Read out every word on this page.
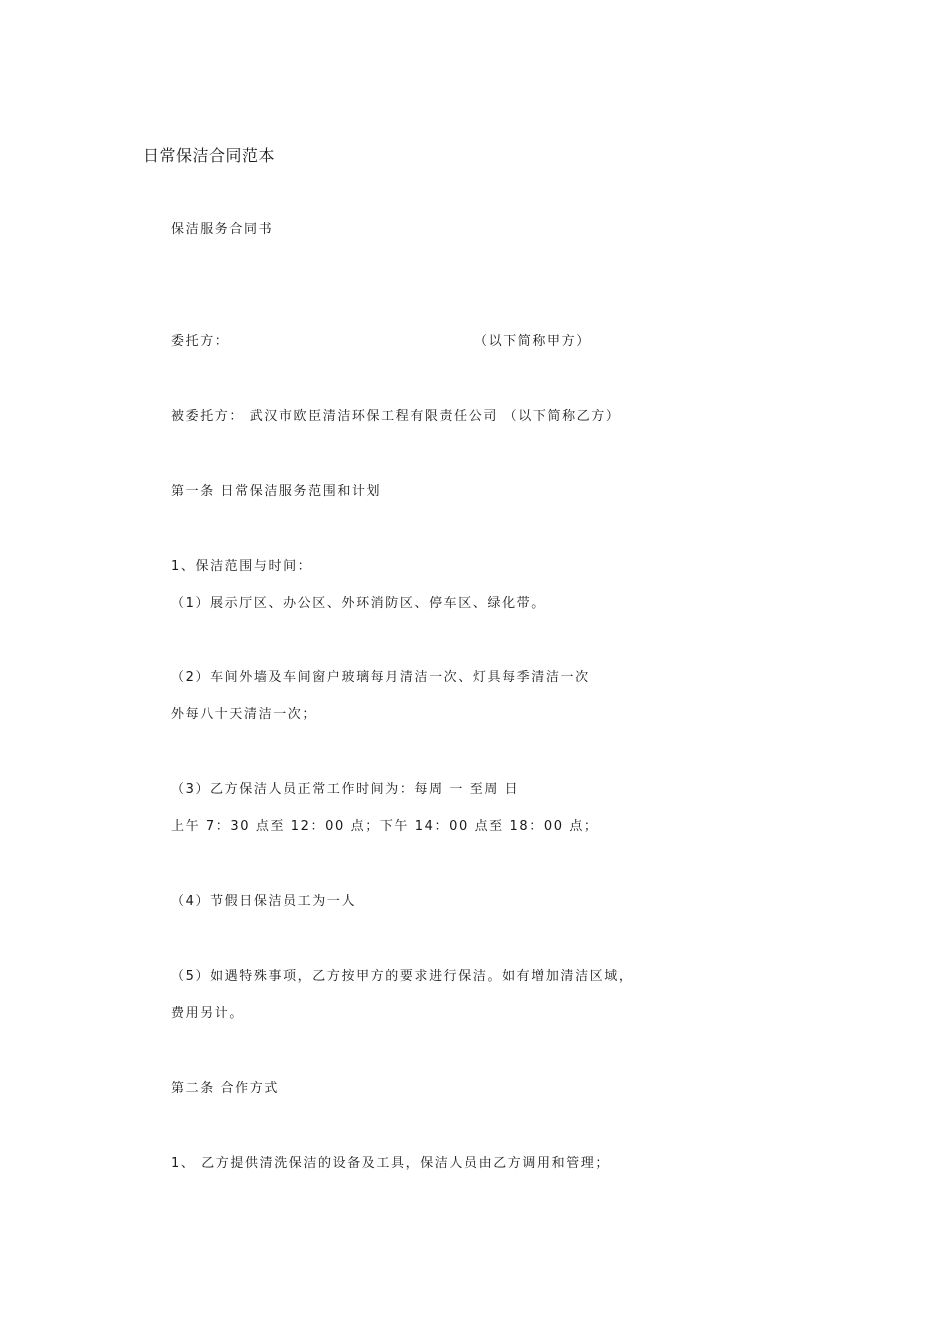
日常保洁合同范本
保洁服务合同书
委托方：	（以下简称甲方）
被委托方： 武汉市欧臣清洁环保工程有限责任公司 （以下简称乙方）
第一条 日常保洁服务范围和计划
1、保洁范围与时间：
（1）展示厅区、办公区、外环消防区、停车区、绿化带。
（2）车间外墙及车间窗户玻璃每月清洁一次、灯具每季清洁一次
外每八十天清洁一次；
（3）乙方保洁人员正常工作时间为：每周 一 至周 日
上午 7：30 点至 12：00 点；下午 14：00 点至 18：00 点；
（4）节假日保洁员工为一人
（5）如遇特殊事项，乙方按甲方的要求进行保洁。如有增加清洁区域，
费用另计。
第二条 合作方式
1、 乙方提供清洗保洁的设备及工具，保洁人员由乙方调用和管理；
